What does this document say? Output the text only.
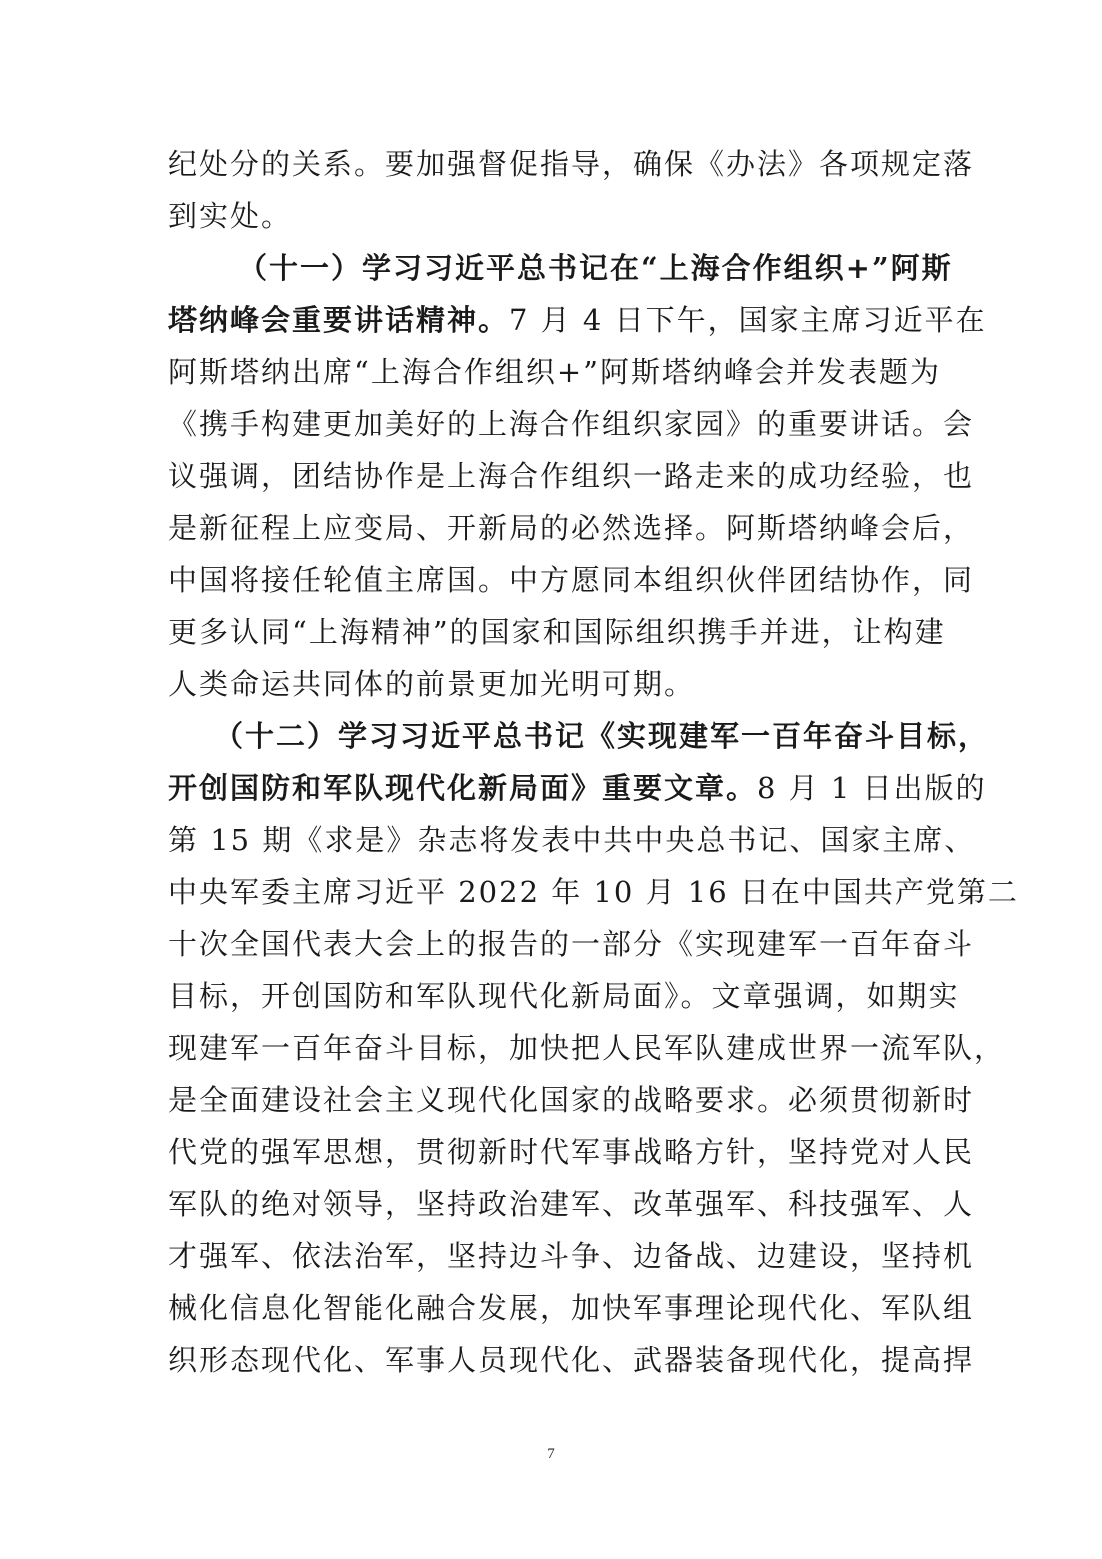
纪处分的关系。要加强督促指导，确保《办法》各项规定落
到实处。
（十一）学习习近平总书记在“上海合作组织+”阿斯
塔纳峰会重要讲话精神。7 月 4 日下午，国家主席习近平在
阿斯塔纳出席“上海合作组织+”阿斯塔纳峰会并发表题为
《携手构建更加美好的上海合作组织家园》的重要讲话。会
议强调，团结协作是上海合作组织一路走来的成功经验，也
是新征程上应变局、开新局的必然选择。阿斯塔纳峰会后，
中国将接任轮值主席国。中方愿同本组织伙伴团结协作，同
更多认同“上海精神”的国家和国际组织携手并进，让构建
人类命运共同体的前景更加光明可期。
（十二）学习习近平总书记《实现建军一百年奋斗目标，
开创国防和军队现代化新局面》重要文章。8 月 1 日出版的
第 15 期《求是》杂志将发表中共中央总书记、国家主席、
中央军委主席习近平 2022 年 10 月 16 日在中国共产党第二
十次全国代表大会上的报告的一部分《实现建军一百年奋斗
目标，开创国防和军队现代化新局面》。文章强调，如期实
现建军一百年奋斗目标，加快把人民军队建成世界一流军队，
是全面建设社会主义现代化国家的战略要求。必须贯彻新时
代党的强军思想，贯彻新时代军事战略方针，坚持党对人民
军队的绝对领导，坚持政治建军、改革强军、科技强军、人
才强军、依法治军，坚持边斗争、边备战、边建设，坚持机
械化信息化智能化融合发展，加快军事理论现代化、军队组
织形态现代化、军事人员现代化、武器装备现代化，提高捍
7
